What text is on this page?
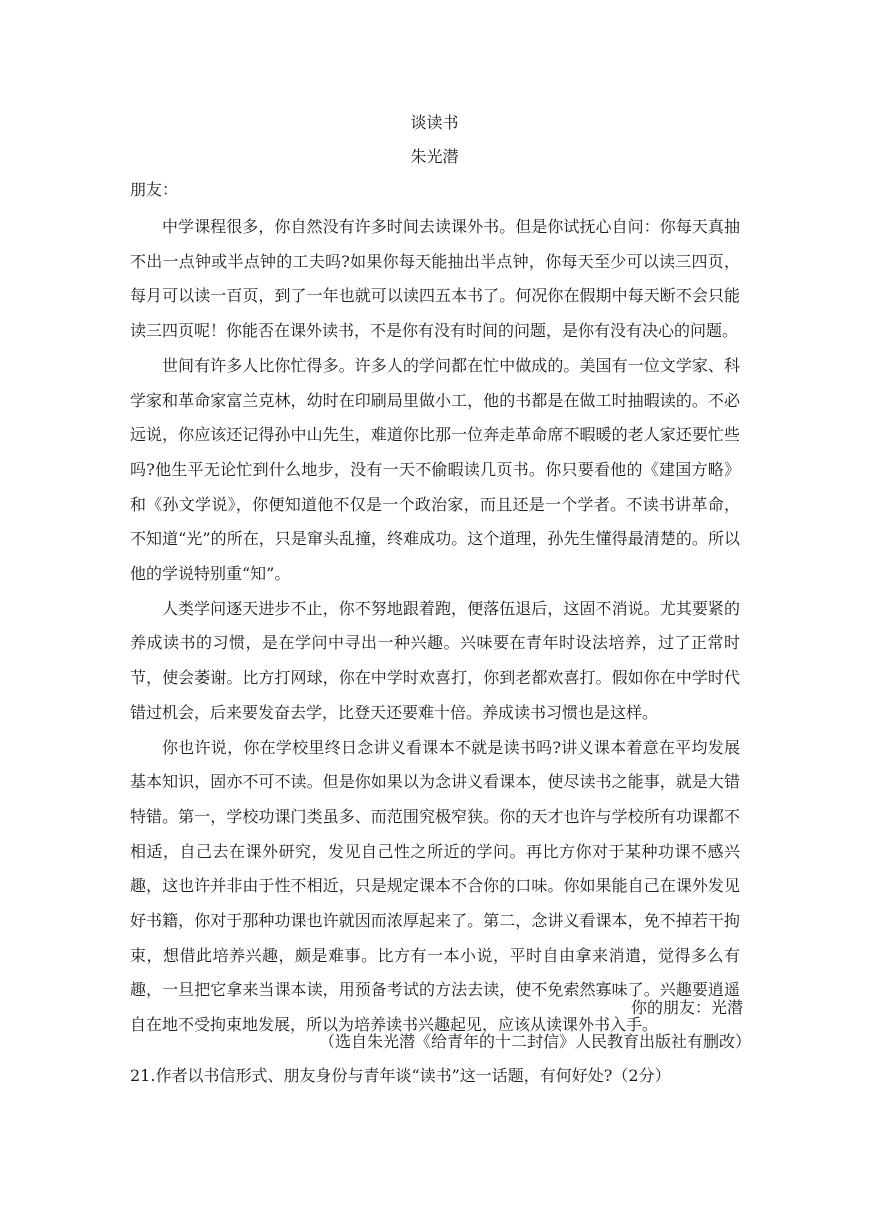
谈读书
朱光潜
朋友：

中学课程很多，你自然没有许多时间去读课外书。但是你试抚心自问：你每天真抽不出一点钟或半点钟的工夫吗?如果你每天能抽出半点钟，你每天至少可以读三四页，每月可以读一百页，到了一年也就可以读四五本书了。何况你在假期中每天断不会只能读三四页呢！你能否在课外读书，不是你有没有时间的问题，是你有没有决心的问题。

世间有许多人比你忙得多。许多人的学问都在忙中做成的。美国有一位文学家、科学家和革命家富兰克林，幼时在印刷局里做小工，他的书都是在做工时抽暇读的。不必远说，你应该还记得孙中山先生，难道你比那一位奔走革命席不暇暖的老人家还要忙些吗?他生平无论忙到什么地步，没有一天不偷暇读几页书。你只要看他的《建国方略》和《孙文学说》，你便知道他不仅是一个政治家，而且还是一个学者。不读书讲革命，不知道“光”的所在，只是窜头乱撞，终难成功。这个道理，孙先生懂得最清楚的。所以他的学说特别重“知”。

人类学问逐天进步不止，你不努地跟着跑，便落伍退后，这固不消说。尤其要紧的养成读书的习惯，是在学问中寻出一种兴趣。兴味要在青年时设法培养，过了正常时节，使会萎谢。比方打网球，你在中学时欢喜打，你到老都欢喜打。假如你在中学时代错过机会，后来要发奋去学，比登天还要难十倍。养成读书习惯也是这样。

你也许说，你在学校里终日念讲义看课本不就是读书吗?讲义课本着意在平均发展基本知识，固亦不可不读。但是你如果以为念讲义看课本，使尽读书之能事，就是大错特错。第一，学校功课门类虽多、而范围究极窄狭。你的天才也许与学校所有功课都不相适，自己去在课外研究，发见自己性之所近的学问。再比方你对于某种功课不感兴趣，这也许并非由于性不相近，只是规定课本不合你的口味。你如果能自己在课外发见好书籍，你对于那种功课也许就因而浓厚起来了。第二，念讲义看课本，免不掉若干拘束，想借此培养兴趣，颇是难事。比方有一本小说，平时自由拿来消遣，觉得多么有趣，一旦把它拿来当课本读，用预备考试的方法去读，使不免索然寡味了。兴趣要逍遥自在地不受拘束地发展，所以为培养读书兴趣起见，应该从读课外书入手。

你的朋友：光潜
（选自朱光潜《给青年的十二封信》人民教育出版社有删改）
21.作者以书信形式、朋友身份与青年谈“读书”这一话题，有何好处?（2分）
